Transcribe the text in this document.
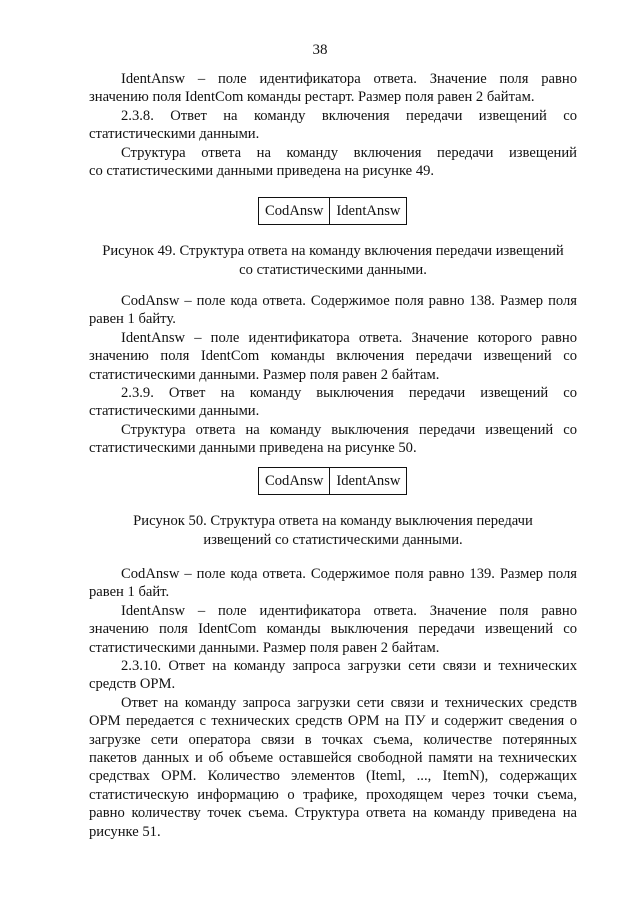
38

IdentAnsw – поле идентификатора ответа. Значение поля равно

значению поля IdentCom команды рестарт. Размер поля равен 2 байтам.

2.3.8. Ответ на команду включения передачи извещений со

статистическими данными.

Структура ответа на команду включения передачи извещений

со статистическими данными приведена на рисунке 49.

CodAnsw IdentAnsw
Рисунок 49. Структура ответа на команду включения передачи извещений
со статистическими данными.

CodAnsw – поле кода ответа. Содержимое поля равно 138. Размер поля

равен 1 байту.

IdentAnsw – поле идентификатора ответа. Значение которого равно

значению поля IdentCom команды включения передачи извещений со

статистическими данными. Размер поля равен 2 байтам.

2.3.9. Ответ на команду выключения передачи извещений со

статистическими данными.

Структура ответа на команду выключения передачи извещений со

статистическими данными приведена на рисунке 50.

CodAnsw IdentAnsw
Рисунок 50. Структура ответа на команду выключения передачи
извещений со статистическими данными.

CodAnsw – поле кода ответа. Содержимое поля равно 139. Размер поля

равен 1 байт.

IdentAnsw – поле идентификатора ответа. Значение поля равно

значению поля IdentCom команды выключения передачи извещений со

статистическими данными. Размер поля равен 2 байтам.

2.3.10. Ответ на команду запроса загрузки сети связи и технических

средств ОРМ.

Ответ на команду запроса загрузки сети связи и технических средств

ОРМ передается с технических средств ОРМ на ПУ и содержит сведения о

загрузке сети оператора связи в точках съема, количестве потерянных

пакетов данных и об объеме оставшейся свободной памяти на технических

средствах ОРМ. Количество элементов (Iteml, ..., ItemN), содержащих

статистическую информацию о трафике, проходящем через точки съема,

равно количеству точек съема. Структура ответа на команду приведена на

рисунке 51.
